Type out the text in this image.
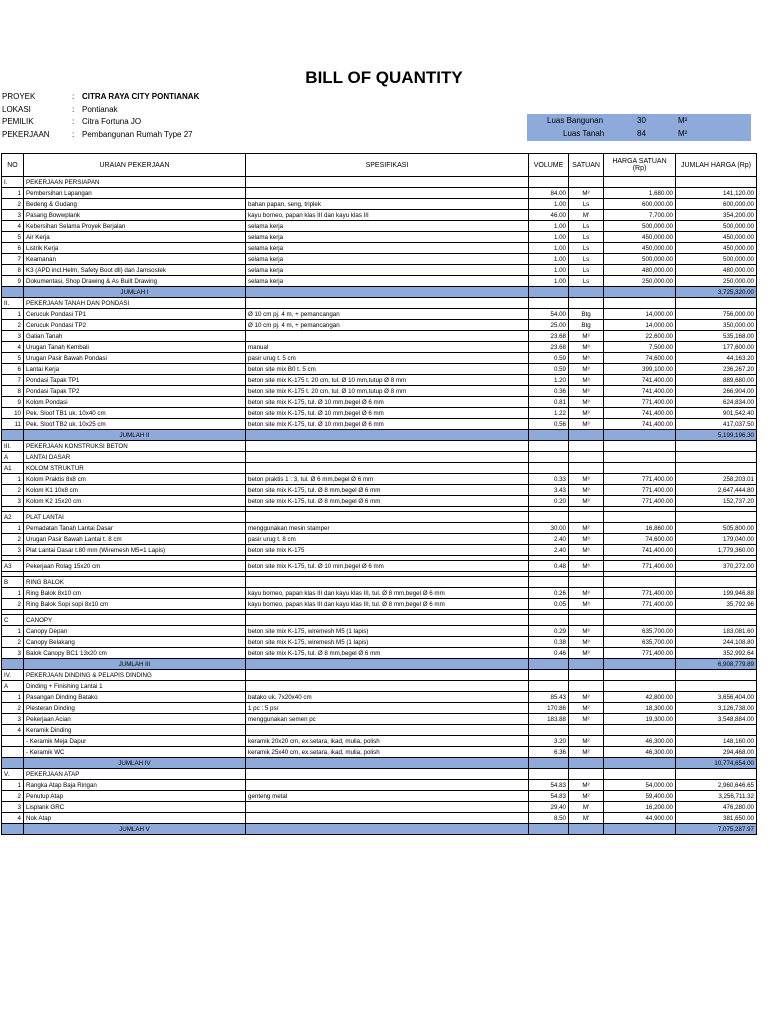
BILL OF QUANTITY
PROYEK	: CITRA RAYA CITY PONTIANAK
LOKASI	: Pontianak
PEMILIK	: Citra Fortuna JO
PEKERJAAN	: Pembangunan Rumah Type 27
Luas Bangunan	30	M²
Luas Tanah	84	M²
NO	URAIAN PEKERJAAN	SPESIFIKASI	VOLUME	SATUAN	HARGA SATUAN (Rp)	JUMLAH HARGA (Rp)
I.	PEKERJAAN PERSIAPAN					
1	Pembersihan Lapangan		84.00	M²	1,680.00	141,120.00
2	Bedeng & Gudang	bahan papan, seng, triplek	1.00	Ls	600,000.00	600,000.00
3	Pasang Bowwplank	kayu borneo, papan klas III dan kayu klas III	46.00	M'	7,700.00	354,200.00
4	Kebersihan Selama Proyek Berjalan	selama kerja	1.00	Ls	500,000.00	500,000.00
5	Air Kerja	selama kerja	1.00	Ls	450,000.00	450,000.00
6	Listrik Kerja	selama kerja	1.00	Ls	450,000.00	450,000.00
7	Keamanan	selama kerja	1.00	Ls	500,000.00	500,000.00
8	K3 (APD incl.Helm, Safety Boot dll) dan Jamsostek	selama kerja	1.00	Ls	480,000.00	480,000.00
9	Dokumentasi, Shop Drawing & As Built Drawing	selama kerja	1.00	Ls	250,000.00	250,000.00
	JUMLAH I					3,725,320.00
II.	PEKERJAAN TANAH DAN PONDASI					
1	Cerucuk Pondasi TP1	Ø 10 cm pj. 4 m, + pemancangan	54.00	Btg	14,000.00	756,000.00
2	Cerucuk Pondasi TP2	Ø 10 cm pj. 4 m, + pemancangan	25.00	Btg	14,000.00	350,000.00
3	Galian Tanah		23.68	M³	22,600.00	535,168.00
4	Urugan Tanah Kembali	manual	23.68	M³	7,500.00	177,600.00
5	Urugan Pasir Bawah Pondasi	pasir urug t. 5 cm	0.59	M³	74,600.00	44,163.20
6	Lantai Kerja	beton site mix B0 t. 5 cm	0.59	M³	399,100.00	236,267.20
7	Pondasi Tapak TP1	beton site mix K-175 t. 20 cm, tul. Ø 10 mm,tutup Ø 8 mm	1.20	M³	741,400.00	889,680.00
8	Pondasi Tapak TP2	beton site mix K-175 t. 20 cm, tul. Ø 10 mm,tutup Ø 8 mm	0.36	M³	741,400.00	266,904.00
9	Kolom Pondasi	beton site mix K-175, tul. Ø 10 mm,begel Ø 6 mm	0.81	M³	771,400.00	624,834.00
10	Pek. Sloof TB1 uk. 10x40 cm	beton site mix K-175, tul. Ø 10 mm,begel Ø 6 mm	1.22	M³	741,400.00	901,542.40
11	Pek. Sloof TB2 uk. 10x25 cm	beton site mix K-175, tul. Ø 10 mm,begel Ø 6 mm	0.56	M³	741,400.00	417,037.50
	JUMLAH II					5,199,196.30
III.	PEKERJAAN KONSTRUKSI BETON					
A	LANTAI DASAR					
A1	KOLOM STRUKTUR					
1	Kolom Praktis 8x8 cm	beton praktis 1 : 3, tul. Ø 6 mm,begel Ø 6 mm	0.33	M³	771,400.00	258,203.01
2	Kolom K1 10x8 cm	beton site mix K-175, tul. Ø 8 mm,begel Ø 6 mm	3.43	M³	771,400.00	2,647,444.80
3	Kolom K2 15x20 cm	beton site mix K-175, tul. Ø 8 mm,begel Ø 6 mm	0.20	M³	771,400.00	152,737.20

A2	PLAT LANTAI					
1	Pemadatan Tanah Lantai Dasar	menggunakan mesin stamper	30.00	M²	16,860.00	505,800.00
2	Urugan Pasir Bawah Lantai t. 8 cm	pasir urug t. 8 cm	2.40	M³	74,600.00	179,040.00
3	Plat Lantai Dasar t.80 mm (Wiremesh M5=1 Lapis)	beton site mix K-175	2.40	M³	741,400.00	1,779,360.00

A3	Pekerjaan Rolag 15x20 cm	beton site mix K-175, tul. Ø 10 mm,begel Ø 6 mm	0.48	M³	771,400.00	370,272.00

B	RING BALOK					
1	Ring Balok 8x10 cm	kayu borneo, papan klas III dan kayu klas III, tul. Ø 8 mm,begel Ø 6 mm	0.26	M³	771,400.00	199,946.88
2	Ring Balok Sopi sopi 8x10 cm	kayu borneo, papan klas III dan kayu klas III, tul. Ø 8 mm,begel Ø 6 mm	0.05	M³	771,400.00	35,792.96

C	CANOPY					
1	Canopy Depan	beton site mix K-175, wiremesh M5 (1 lapis)	0.29	M³	635,700.00	183,081.60
2	Canopy Belakang	beton site mix K-175, wiremesh M5 (1 lapis)	0.38	M³	635,700.00	244,108.80
3	Balok Canopy BC1 13x20 cm	beton site mix K-175, tul. Ø 8 mm,begel Ø 6 mm	0.46	M³	771,400.00	352,992.64
	JUMLAH III					6,908,779.89
IV.	PEKERJAAN DINDING & PELAPIS DINDING					
A	Dinding + Finishing Lantai 1					
1	Pasangan Dinding Batako	batako uk. 7x20x40 cm	85.43	M²	42,800.00	3,656,404.00
2	Plesteran Dinding	1 pc : 5 psr	170.86	M²	18,300.00	3,126,738.00
3	Pekerjaan Acian	menggunakan semen pc	183.88	M²	19,300.00	3,548,884.00
4	Keramik Dinding					
	- Keramik Meja Dapur	keramik 20x20 cm, ex.setara, ikad, mulia, polish	3.20	M²	46,300.00	148,160.00
	- Keramik WC	keramik 25x40 cm, ex.setara, ikad, mulia, polish	6.36	M²	46,300.00	294,468.00
	JUMLAH IV					10,774,654.00
V.	PEKERJAAN ATAP					
1	Rangka Atap Baja Ringan		54.83	M²	54,000.00	2,960,646.65
2	Penutup Atap	genteng metal	54.83	M²	59,400.00	3,256,711.32
3	Lisplank GRC		29.40	M'	16,200.00	476,280.00
4	Nok Atap		8.50	M'	44,900.00	381,650.00
	JUMLAH V					7,075,287.97
